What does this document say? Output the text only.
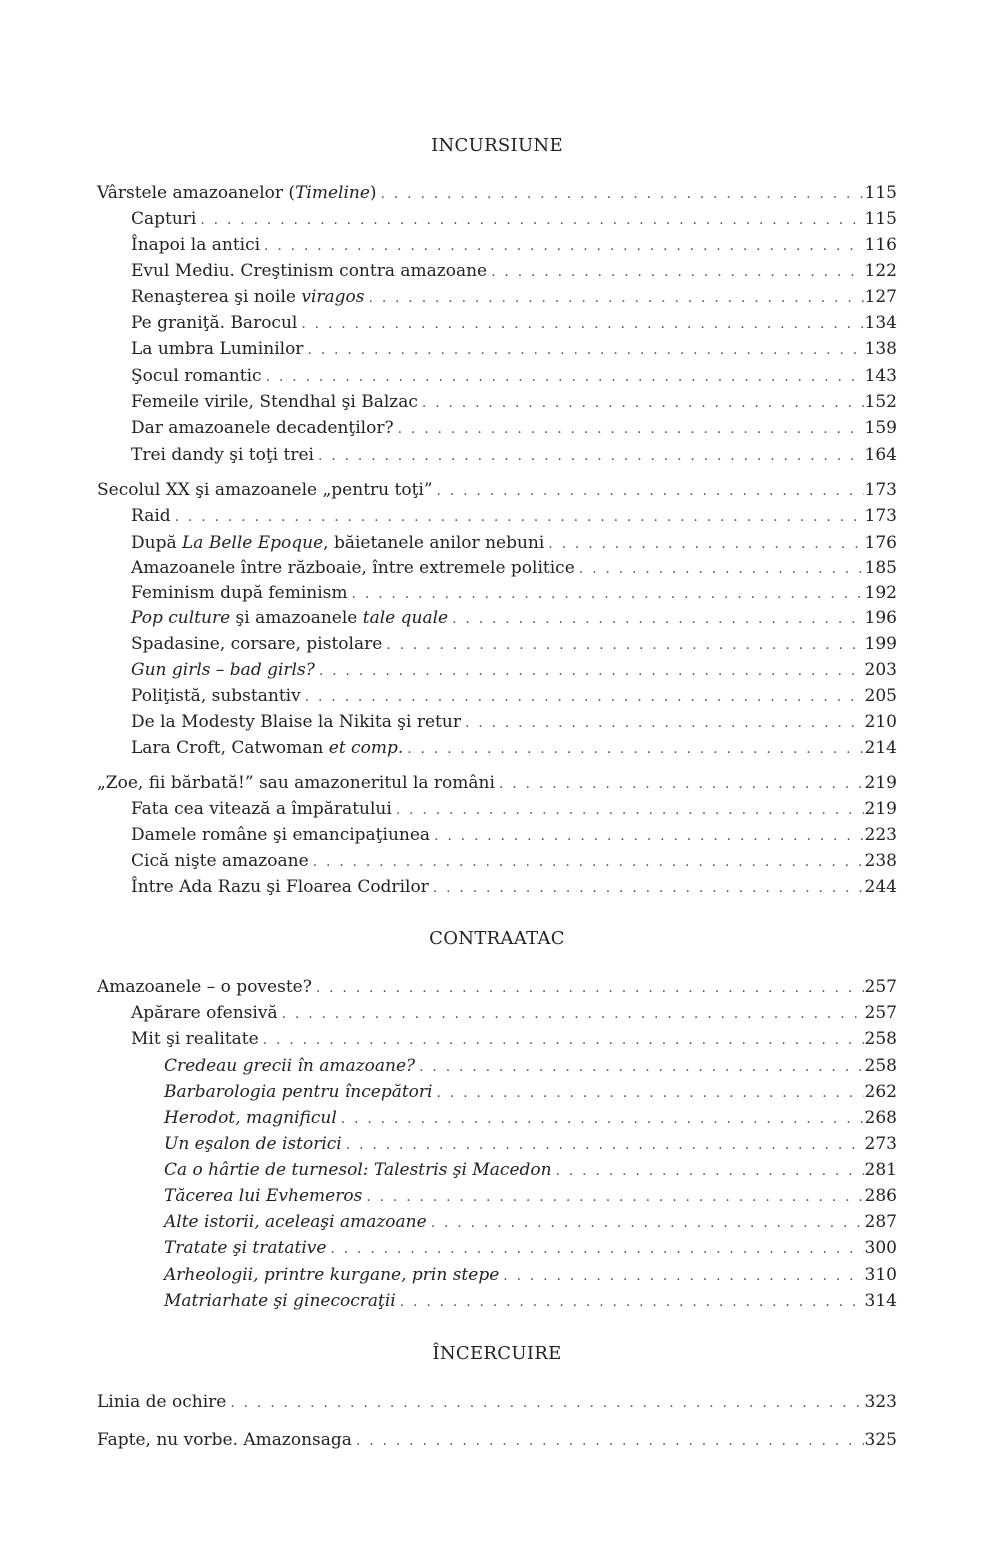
INCURSIUNE
Vârstele amazoanelor (Timeline) . . .	115
Capturi . . .	115
Înapoi la antici . . .	116
Evul Mediu. Creştinism contra amazoane . . .	122
Renaşterea şi noile viragos . . .	127
Pe graniţă. Barocul . . .	134
La umbra Luminilor . . .	138
Şocul romantic . . .	143
Femeile virile, Stendhal şi Balzac . . .	152
Dar amazoanele decadenţilor? . . .	159
Trei dandy şi toţi trei . . .	164
Secolul XX şi amazoanele „pentru toţi” . . .	173
Raid . . .	173
După La Belle Epoque, băietanele anilor nebuni . . .	176
Amazoanele între războaie, între extremele politice . . .	185
Feminism după feminism . . .	192
Pop culture şi amazoanele tale quale . . .	196
Spadasine, corsare, pistolare . . .	199
Gun girls – bad girls? . . .	203
Poliţistă, substantiv . . .	205
De la Modesty Blaise la Nikita şi retur . . .	210
Lara Croft, Catwoman et comp. . . .	214
„Zoe, fii bărbată!” sau amazoneritul la români . . .	219
Fata cea vitează a împăratului . . .	219
Damele române şi emancipaţiunea . . .	223
Cică nişte amazoane . . .	238
Între Ada Razu şi Floarea Codrilor . . .	244
CONTRAATAC
Amazoanele – o poveste? . . .	257
Apărare ofensivă . . .	257
Mit şi realitate . . .	258
Credeau grecii în amazoane? . . .	258
Barbarologia pentru începători . . .	262
Herodot, magnificul . . .	268
Un eşalon de istorici . . .	273
Ca o hârtie de turnesol: Talestris şi Macedon . . .	281
Tăcerea lui Evhemeros . . .	286
Alte istorii, aceleaşi amazoane . . .	287
Tratate şi tratative . . .	300
Arheologii, printre kurgane, prin stepe . . .	310
Matriarhate şi ginecocraţii . . .	314
ÎNCERCUIRE
Linia de ochire . . .	323
Fapte, nu vorbe. Amazonsaga . . .	325
